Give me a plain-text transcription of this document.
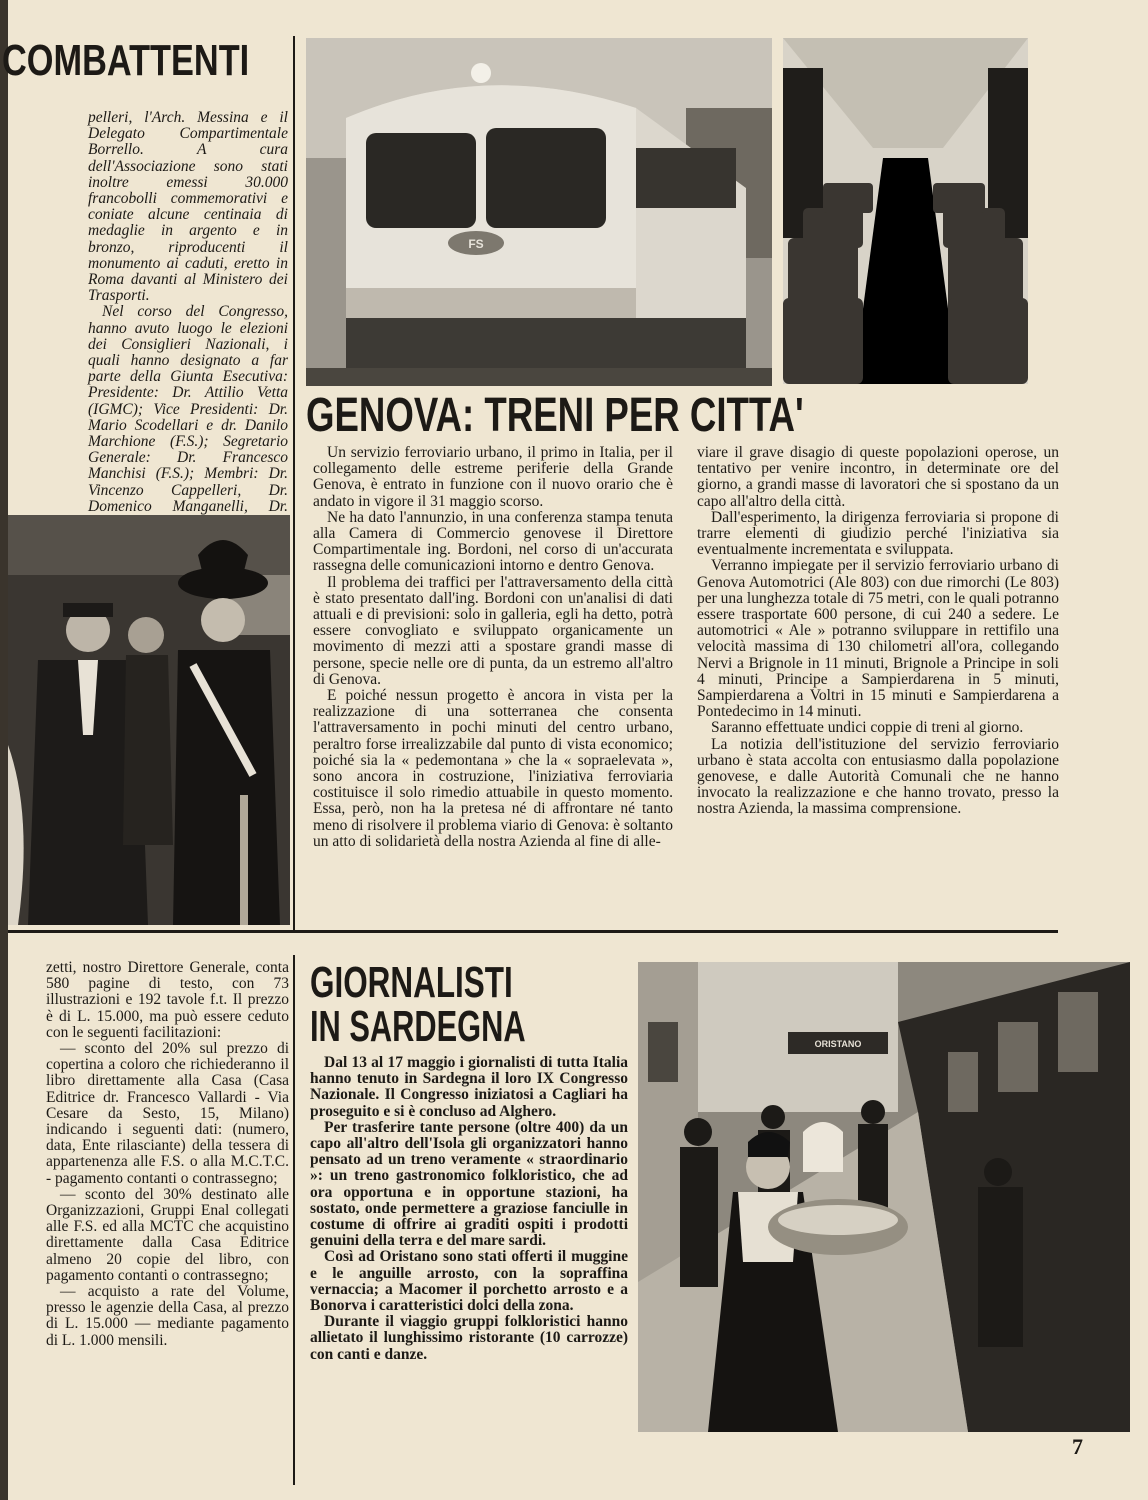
COMBATTENTI

pelleri, l'Arch. Messina e il Delegato Compartimentale Borrello. A cura dell'Associazione sono stati inoltre emessi 30.000 francobolli commemorativi e coniate alcune centinaia di medaglie in argento e in bronzo, riproducenti il monumento ai caduti, eretto in Roma davanti al Ministero dei Trasporti.

Nel corso del Congresso, hanno avuto luogo le elezioni dei Consiglieri Nazionali, i quali hanno designato a far parte della Giunta Esecutiva: Presidente: Dr. Attilio Vetta (IGMC); Vice Presidenti: Dr. Mario Scodellari e dr. Danilo Marchione (F.S.); Segretario Generale: Dr. Francesco Manchisi (F.S.); Membri: Dr. Vincenzo Cappelleri, Dr. Domenico Manganelli, Dr.

FS
GENOVA: TRENI PER CITTA'

Un servizio ferroviario urbano, il primo in Italia, per il collegamento delle estreme periferie della Grande Genova, è entrato in funzione con il nuovo orario che è andato in vigore il 31 maggio scorso.

Ne ha dato l'annunzio, in una conferenza stampa tenuta alla Camera di Commercio genovese il Direttore Compartimentale ing. Bordoni, nel corso di un'accurata rassegna delle comunicazioni intorno e dentro Genova.

Il problema dei traffici per l'attraversamento della città è stato presentato dall'ing. Bordoni con un'analisi di dati attuali e di previsioni: solo in galleria, egli ha detto, potrà essere convogliato e sviluppato organicamente un movimento di mezzi atti a spostare grandi masse di persone, specie nelle ore di punta, da un estremo all'altro di Genova.

E poiché nessun progetto è ancora in vista per la realizzazione di una sotterranea che consenta l'attraversamento in pochi minuti del centro urbano, peraltro forse irrealizzabile dal punto di vista economico; poiché sia la « pedemontana » che la « sopraelevata », sono ancora in costruzione, l'iniziativa ferroviaria costituisce il solo rimedio attuabile in questo momento. Essa, però, non ha la pretesa né di affrontare né tanto meno di risolvere il problema viario di Genova: è soltanto un atto di solidarietà della nostra Azienda al fine di alle-

viare il grave disagio di queste popolazioni operose, un tentativo per venire incontro, in determinate ore del giorno, a grandi masse di lavoratori che si spostano da un capo all'altro della città.

Dall'esperimento, la dirigenza ferroviaria si propone di trarre elementi di giudizio perché l'iniziativa sia eventualmente incrementata e sviluppata.

Verranno impiegate per il servizio ferroviario urbano di Genova Automotrici (Ale 803) con due rimorchi (Le 803) per una lunghezza totale di 75 metri, con le quali potranno essere trasportate 600 persone, di cui 240 a sedere. Le automotrici « Ale » potranno sviluppare in rettifilo una velocità massima di 130 chilometri all'ora, collegando Nervi a Brignole in 11 minuti, Brignole a Principe in soli 4 minuti, Principe a Sampierdarena in 5 minuti, Sampierdarena a Voltri in 15 minuti e Sampierdarena a Pontedecimo in 14 minuti.

Saranno effettuate undici coppie di treni al giorno.

La notizia dell'istituzione del servizio ferroviario urbano è stata accolta con entusiasmo dalla popolazione genovese, e dalle Autorità Comunali che ne hanno invocato la realizzazione e che hanno trovato, presso la nostra Azienda, la massima comprensione.

zetti, nostro Direttore Generale, conta 580 pagine di testo, con 73 illustrazioni e 192 tavole f.t. Il prezzo è di L. 15.000, ma può essere ceduto con le seguenti facilitazioni:

— sconto del 20% sul prezzo di copertina a coloro che richiederanno il libro direttamente alla Casa (Casa Editrice dr. Francesco Vallardi - Via Cesare da Sesto, 15, Milano) indicando i seguenti dati: (numero, data, Ente rilasciante) della tessera di appartenenza alle F.S. o alla M.C.T.C. - pagamento contanti o contrassegno;

— sconto del 30% destinato alle Organizzazioni, Gruppi Enal collegati alle F.S. ed alla MCTC che acquistino direttamente dalla Casa Editrice almeno 20 copie del libro, con pagamento contanti o contrassegno;

— acquisto a rate del Volume, presso le agenzie della Casa, al prezzo di L. 15.000 — mediante pagamento di L. 1.000 mensili.

GIORNALISTI
IN SARDEGNA

Dal 13 al 17 maggio i giornalisti di tutta Italia hanno tenuto in Sardegna il loro IX Congresso Nazionale. Il Congresso iniziatosi a Cagliari ha proseguito e si è concluso ad Alghero.

Per trasferire tante persone (oltre 400) da un capo all'altro dell'Isola gli organizzatori hanno pensato ad un treno veramente « straordinario »: un treno gastronomico folkloristico, che ad ora opportuna e in opportune stazioni, ha sostato, onde permettere a graziose fanciulle in costume di offrire ai graditi ospiti i prodotti genuini della terra e del mare sardi.

Così ad Oristano sono stati offerti il muggine e le anguille arrosto, con la sopraffina vernaccia; a Macomer il porchetto arrosto e a Bonorva i caratteristici dolci della zona.

Durante il viaggio gruppi folkloristici hanno allietato il lunghissimo ristorante (10 carrozze) con canti e danze.

ORISTANO
7
